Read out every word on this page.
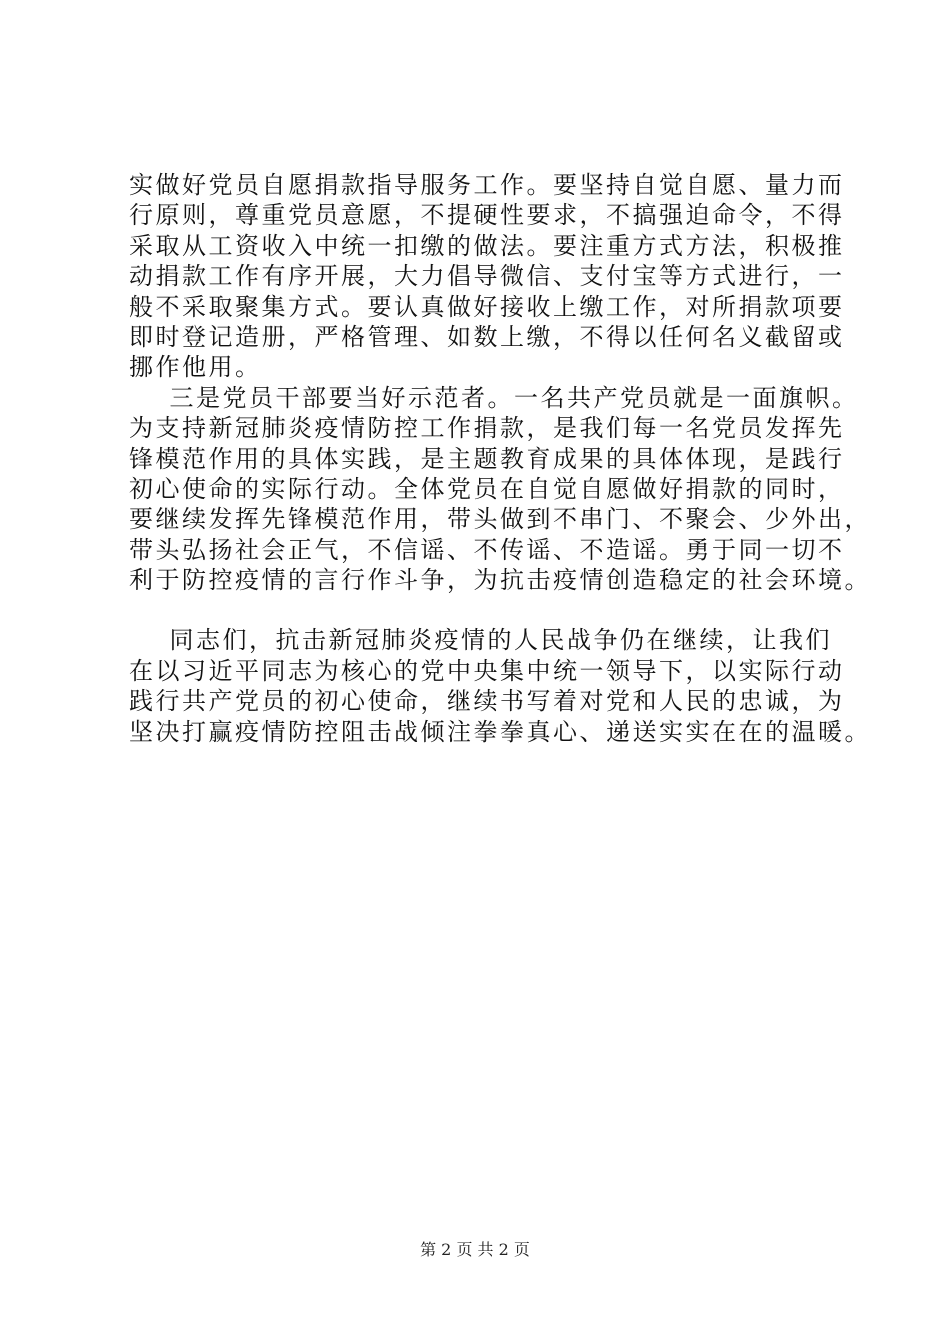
实做好党员自愿捐款指导服务工作。要坚持自觉自愿、量力而
行原则，尊重党员意愿，不提硬性要求，不搞强迫命令，不得
采取从工资收入中统一扣缴的做法。要注重方式方法，积极推
动捐款工作有序开展，大力倡导微信、支付宝等方式进行，一
般不采取聚集方式。要认真做好接收上缴工作，对所捐款项要
即时登记造册，严格管理、如数上缴，不得以任何名义截留或
挪作他用。
三是党员干部要当好示范者。一名共产党员就是一面旗帜。
为支持新冠肺炎疫情防控工作捐款，是我们每一名党员发挥先
锋模范作用的具体实践，是主题教育成果的具体体现，是践行
初心使命的实际行动。全体党员在自觉自愿做好捐款的同时，
要继续发挥先锋模范作用，带头做到不串门、不聚会、少外出，
带头弘扬社会正气，不信谣、不传谣、不造谣。勇于同一切不
利于防控疫情的言行作斗争，为抗击疫情创造稳定的社会环境。
同志们，抗击新冠肺炎疫情的人民战争仍在继续，让我们
在以习近平同志为核心的党中央集中统一领导下，以实际行动
践行共产党员的初心使命，继续书写着对党和人民的忠诚，为
坚决打赢疫情防控阻击战倾注拳拳真心、递送实实在在的温暖。
第 2 页 共 2 页
